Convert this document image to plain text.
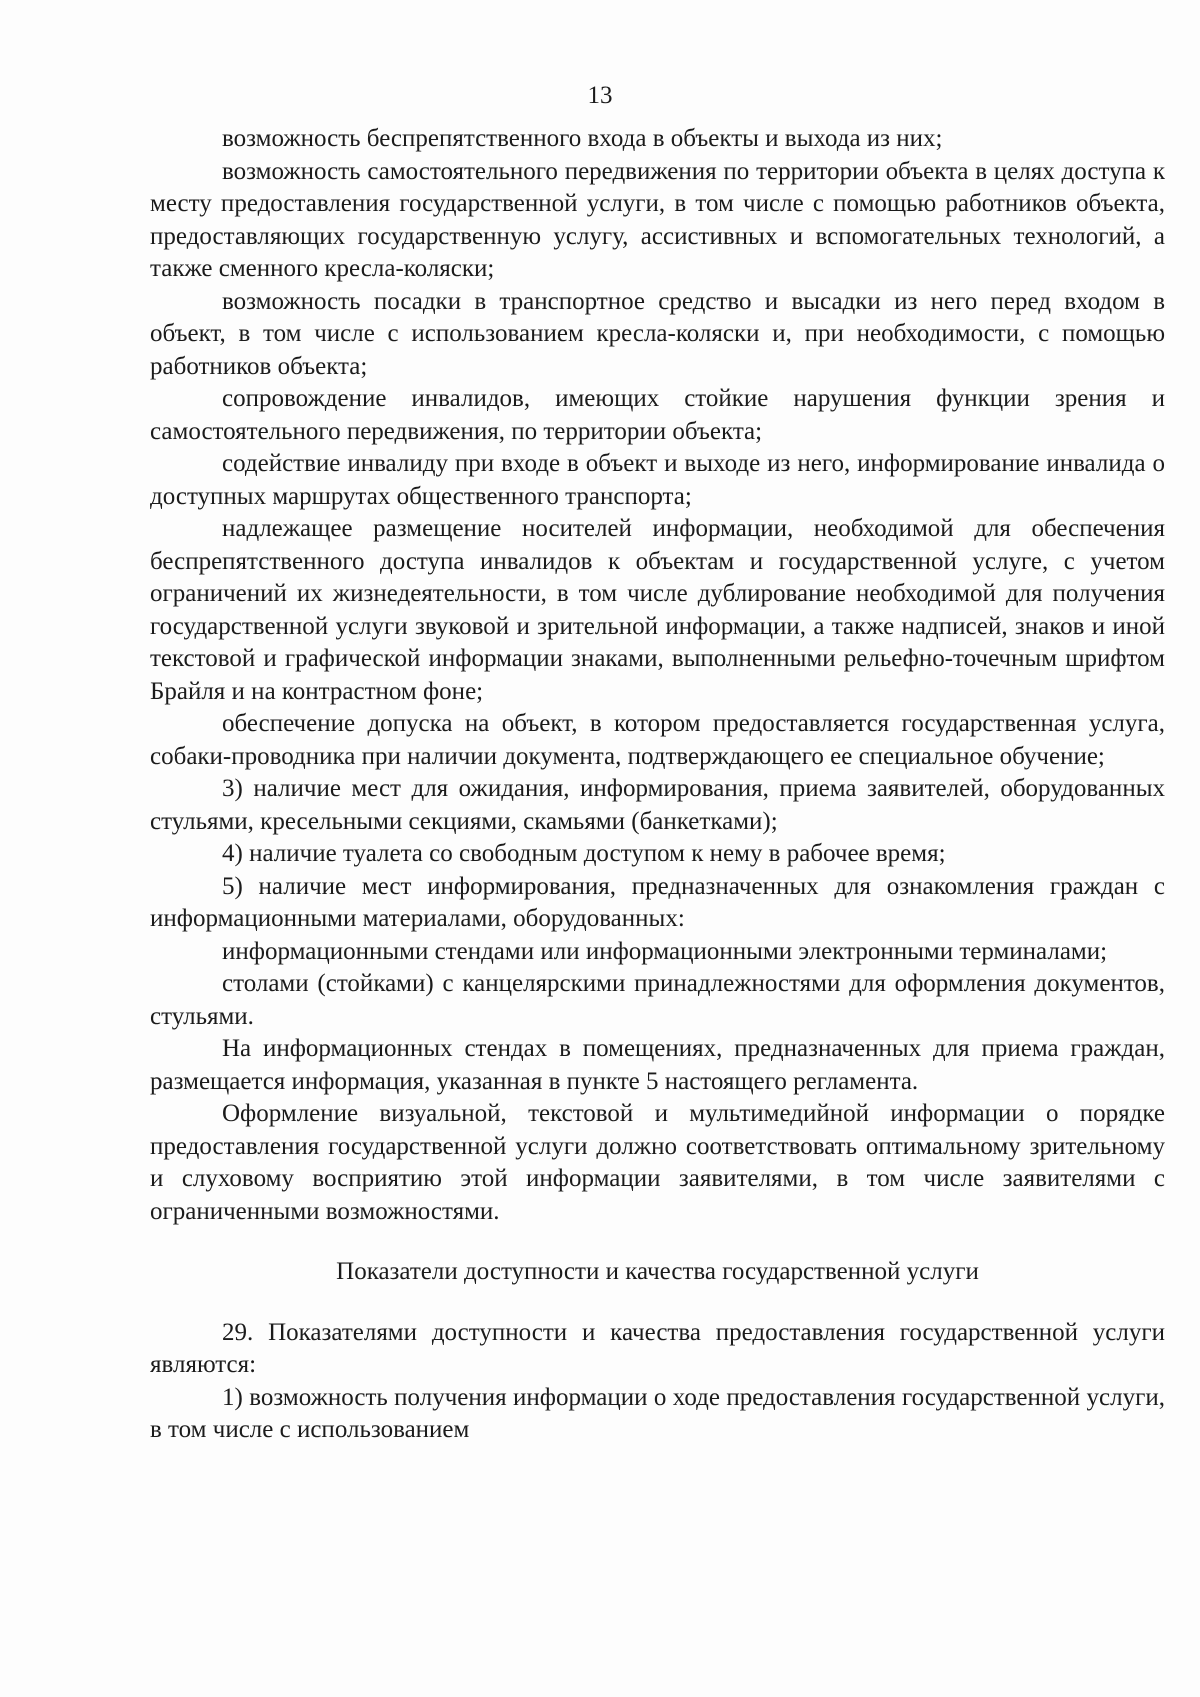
13

возможность беспрепятственного входа в объекты и выхода из них;

возможность самостоятельного передвижения по территории объекта в целях доступа к месту предоставления государственной услуги, в том числе с помощью работников объекта, предоставляющих государственную услугу, ассистивных и вспомогательных технологий, а также сменного кресла-коляски;

возможность посадки в транспортное средство и высадки из него перед входом в объект, в том числе с использованием кресла-коляски и, при необходимости, с помощью работников объекта;

сопровождение инвалидов, имеющих стойкие нарушения функции зрения и самостоятельного передвижения, по территории объекта;

содействие инвалиду при входе в объект и выходе из него, информирование инвалида о доступных маршрутах общественного транспорта;

надлежащее размещение носителей информации, необходимой для обеспечения беспрепятственного доступа инвалидов к объектам и государственной услуге, с учетом ограничений их жизнедеятельности, в том числе дублирование необходимой для получения государственной услуги звуковой и зрительной информации, а также надписей, знаков и иной текстовой и графической информации знаками, выполненными рельефно-точечным шрифтом Брайля и на контрастном фоне;

обеспечение допуска на объект, в котором предоставляется государственная услуга, собаки-проводника при наличии документа, подтверждающего ее специальное обучение;

3) наличие мест для ожидания, информирования, приема заявителей, оборудованных стульями, кресельными секциями, скамьями (банкетками);

4) наличие туалета со свободным доступом к нему в рабочее время;

5) наличие мест информирования, предназначенных для ознакомления граждан с информационными материалами, оборудованных:

информационными стендами или информационными электронными терминалами;

столами (стойками) с канцелярскими принадлежностями для оформления документов, стульями.

На информационных стендах в помещениях, предназначенных для приема граждан, размещается информация, указанная в пункте 5 настоящего регламента.

Оформление визуальной, текстовой и мультимедийной информации о порядке предоставления государственной услуги должно соответствовать оптимальному зрительному и слуховому восприятию этой информации заявителями, в том числе заявителями с ограниченными возможностями.

Показатели доступности и качества государственной услуги

29. Показателями доступности и качества предоставления государственной услуги являются:

1) возможность получения информации о ходе предоставления государственной услуги, в том числе с использованием
